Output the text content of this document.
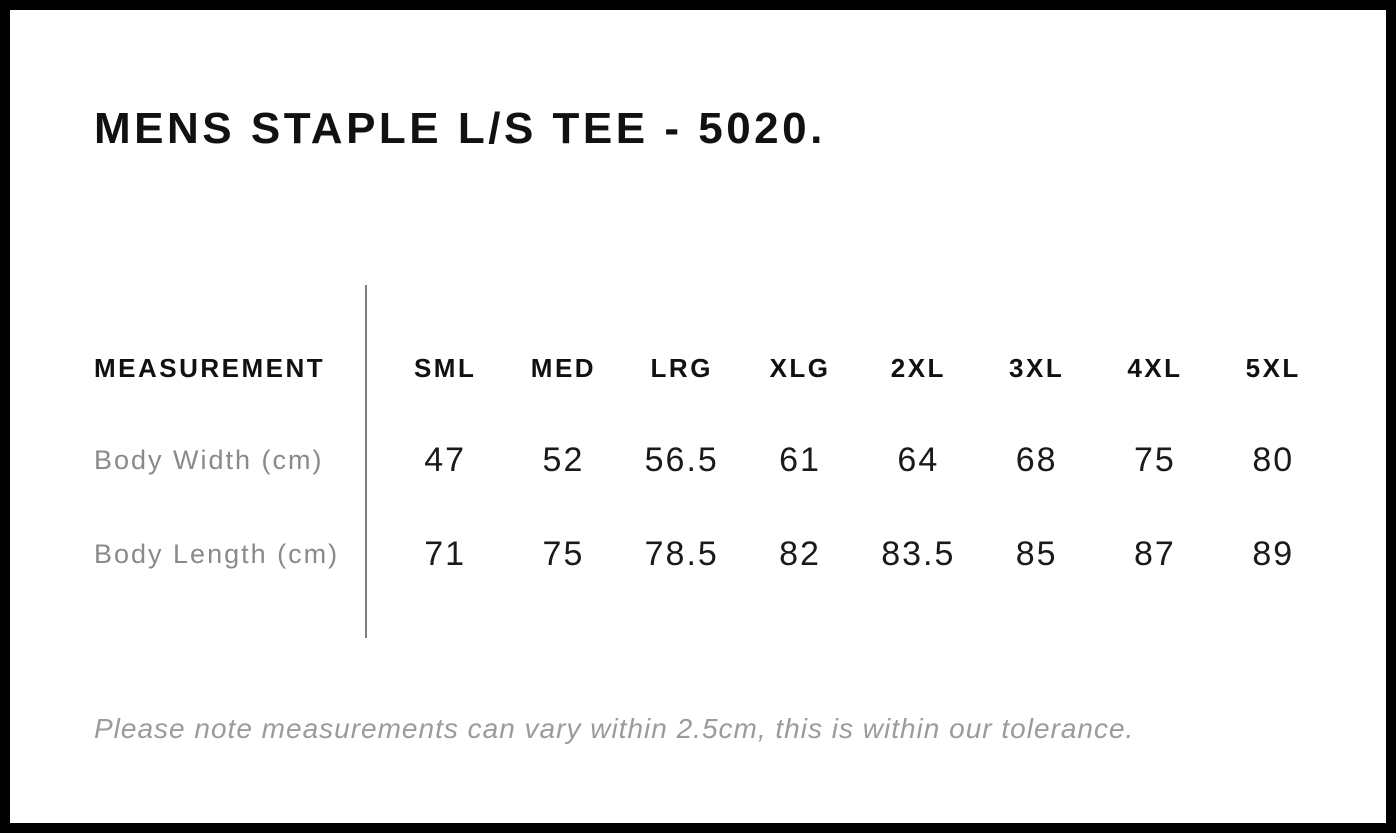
MENS STAPLE L/S TEE - 5020.
MEASUREMENT	SML	MED	LRG	XLG	2XL	3XL	4XL	5XL
Body Width (cm)	47	52	56.5	61	64	68	75	80
Body Length (cm)	71	75	78.5	82	83.5	85	87	89

Please note measurements can vary within 2.5cm, this is within our tolerance.
